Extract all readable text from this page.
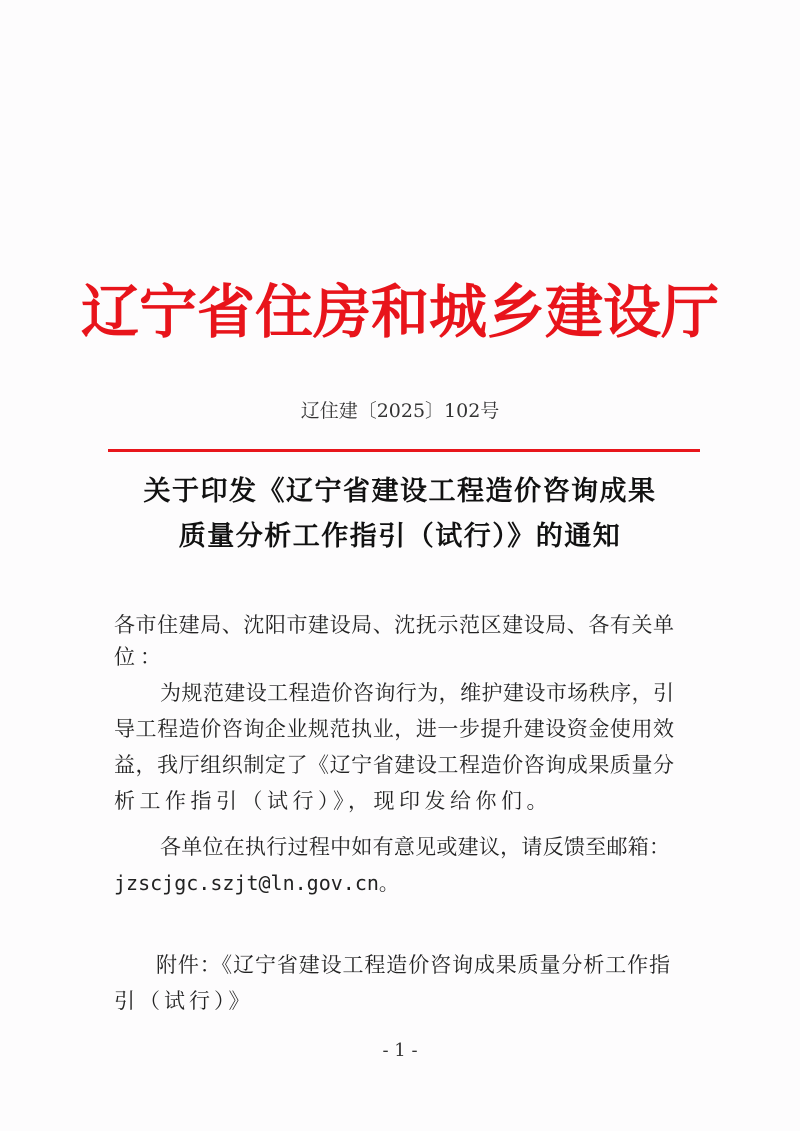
辽宁省住房和城乡建设厅
辽住建〔2025〕102号
关于印发《辽宁省建设工程造价咨询成果
质量分析工作指引（试行）》的通知
各市住建局、沈阳市建设局、沈抚示范区建设局、各有关单
位：
为规范建设工程造价咨询行为，维护建设市场秩序，引
导工程造价咨询企业规范执业，进一步提升建设资金使用效
益，我厅组织制定了《辽宁省建设工程造价咨询成果质量分
析工作指引（试行）》，现印发给你们。
各单位在执行过程中如有意见或建议，请反馈至邮箱：
jzscjgc.szjt@ln.gov.cn。
附件：《辽宁省建设工程造价咨询成果质量分析工作指
引（试行）》
- 1 -
